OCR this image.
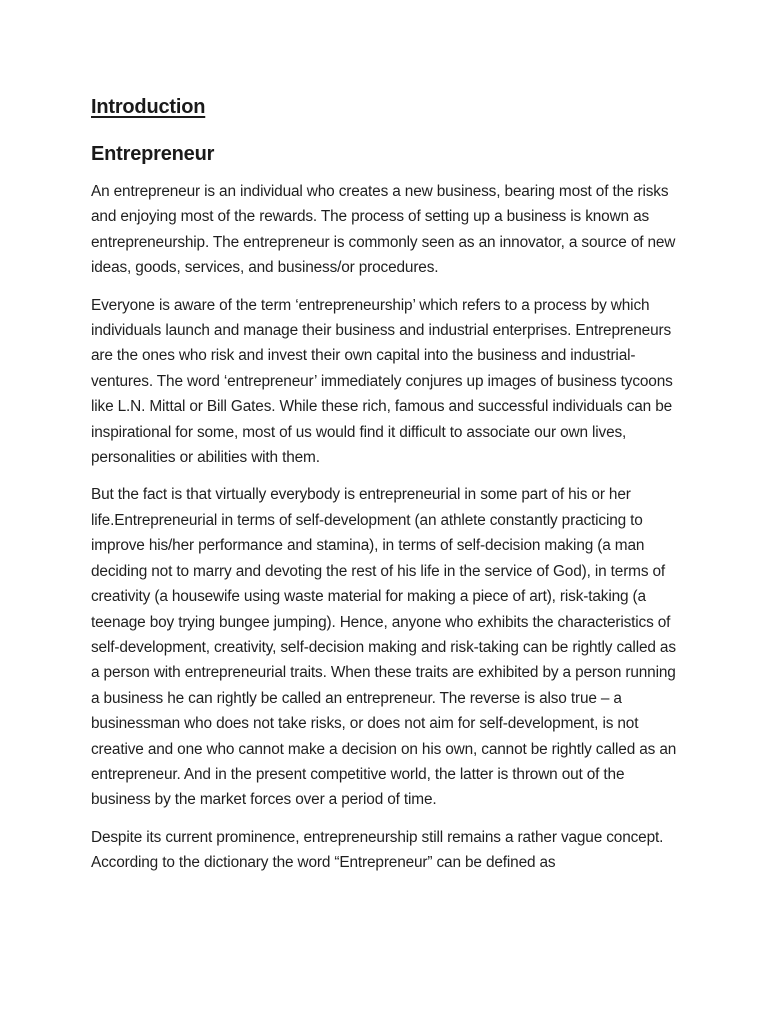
Introduction
Entrepreneur

An entrepreneur is an individual who creates a new business, bearing most of the risks and enjoying most of the rewards. The process of setting up a business is known as entrepreneurship. The entrepreneur is commonly seen as an innovator, a source of new ideas, goods, services, and business/or procedures.

Everyone is aware of the term ‘entrepreneurship’ which refers to a process by which individuals launch and manage their business and industrial enterprises. Entrepreneurs are the ones who risk and invest their own capital into the business and industrial-ventures. The word ‘entrepreneur’ immediately conjures up images of business tycoons like L.N. Mittal or Bill Gates. While these rich, famous and successful individuals can be inspirational for some, most of us would find it difficult to associate our own lives, personalities or abilities with them.

But the fact is that virtually everybody is entrepreneurial in some part of his or her life.Entrepreneurial in terms of self-development (an athlete constantly practicing to improve his/her performance and stamina), in terms of self-decision making (a man deciding not to marry and devoting the rest of his life in the service of God), in terms of creativity (a housewife using waste material for making a piece of art), risk-taking (a teenage boy trying bungee jumping). Hence, anyone who exhibits the characteristics of self-development, creativity, self-decision making and risk-taking can be rightly called as a person with entrepreneurial traits. When these traits are exhibited by a person running a business he can rightly be called an entrepreneur. The reverse is also true – a businessman who does not take risks, or does not aim for self-development, is not creative and one who cannot make a decision on his own, cannot be rightly called as an entrepreneur. And in the present competitive world, the latter is thrown out of the business by the market forces over a period of time.

Despite its current prominence, entrepreneurship still remains a rather vague concept. According to the dictionary the word “Entrepreneur” can be defined as
